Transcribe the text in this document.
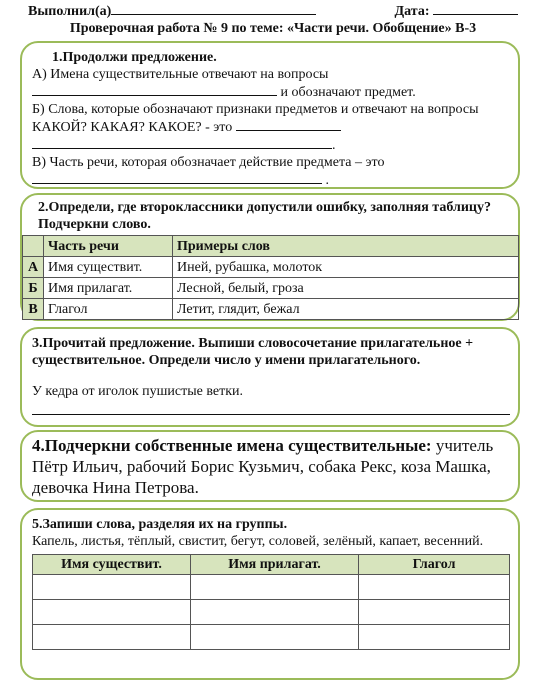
Выполнил(а)	Дата:
Проверочная работа № 9 по теме: «Части речи. Обобщение» В-3
1.Продолжи предложение.
А) Имена существительные отвечают на вопросы
и обозначают предмет.
Б) Слова, которые обозначают признаки предметов и отвечают на вопросы КАКОЙ? КАКАЯ? КАКОЕ? - это
.
В) Часть речи, которая обозначает действие предмета – это
.
2.Определи, где второклассники допустили ошибку, заполняя таблицу? Подчеркни слово.
	Часть речи	Примеры слов
А	Имя существит.	Иней, рубашка, молоток
Б	Имя прилагат.	Лесной, белый, гроза
В	Глагол	Летит, глядит, бежал
3.Прочитай предложение. Выпиши словосочетание прилагательное + существительное. Определи число у имени прилагательного.
У кедра от иголок пушистые ветки.
4.Подчеркни собственные имена существительные: учитель Пётр Ильич, рабочий Борис Кузьмич, собака Рекс, коза Машка, девочка Нина Петрова.
5.Запиши слова, разделяя их на группы.
Капель, листья, тёплый, свистит, бегут, соловей, зелёный, капает, весенний.
Имя существит.	Имя прилагат.	Глагол
